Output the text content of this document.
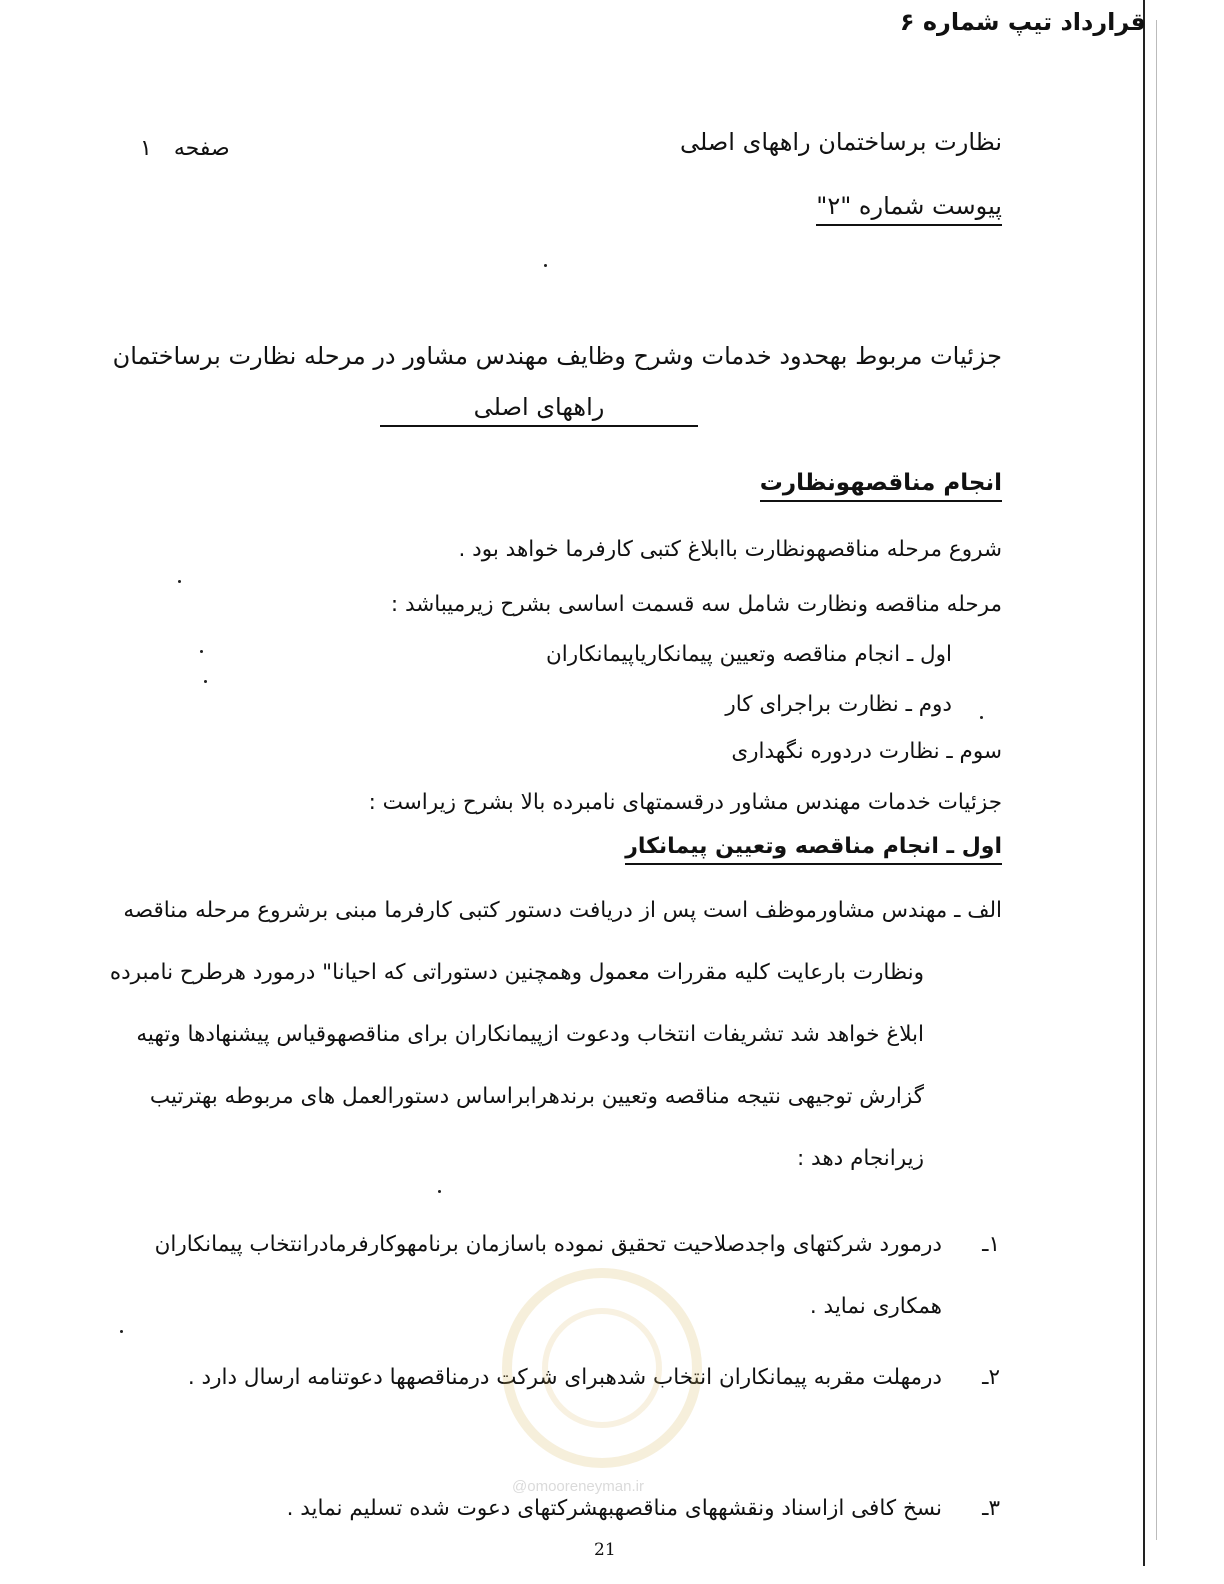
قرارداد تیپ شماره ۶
نظارت برساختمان راههای اصلی
صفحه۱
پیوست شماره "۲"
جزئیات مربوط بهحدود خدمات وشرح وظایف مهندس مشاور در مرحله نظارت برساختمان
راههای اصلی
انجام مناقصهونظارت
شروع مرحله مناقصهونظارت باابلاغ کتبی کارفرما خواهد بود .
مرحله مناقصه ونظارت شامل سه قسمت اساسی بشرح زیرمیباشد :
اول ـ انجام مناقصه وتعیین پیمانکاریاپیمانکاران
دوم ـ نظارت براجرای کار
سوم ـ نظارت دردوره نگهداری
جزئیات خدمات مهندس مشاور درقسمتهای نامبرده بالا بشرح زیراست :
اول ـ انجام مناقصه وتعیین پیمانکار
الف ـ مهندس مشاورموظف است پس از دریافت دستور کتبی کارفرما مبنی برشروع مرحله مناقصه
ونظارت بارعایت کلیه مقررات معمول وهمچنین دستوراتی که احیانا" درمورد هرطرح نامبرده ابلاغ خواهد شد تشریفات انتخاب ودعوت ازپیمانکاران برای مناقصهوقیاس پیشنهادها وتهیه گزارش توجیهی نتیجه مناقصه وتعیین برندهرابراساس دستورالعمل های مربوطه بهترتیب زیرانجام دهد :
۱ـ
درمورد شرکتهای واجدصلاحیت تحقیق نموده باسازمان برنامهوکارفرمادرانتخاب پیمانکاران همکاری نماید .
۲ـ
درمهلت مقربه پیمانکاران انتخاب شدهبرای شرکت درمناقصهها دعوتنامه ارسال دارد .
۳ـ
نسخ کافی ازاسناد ونقشههای مناقصهبهشرکتهای دعوت شده تسلیم نماید .
@omooreneyman.ir
21
